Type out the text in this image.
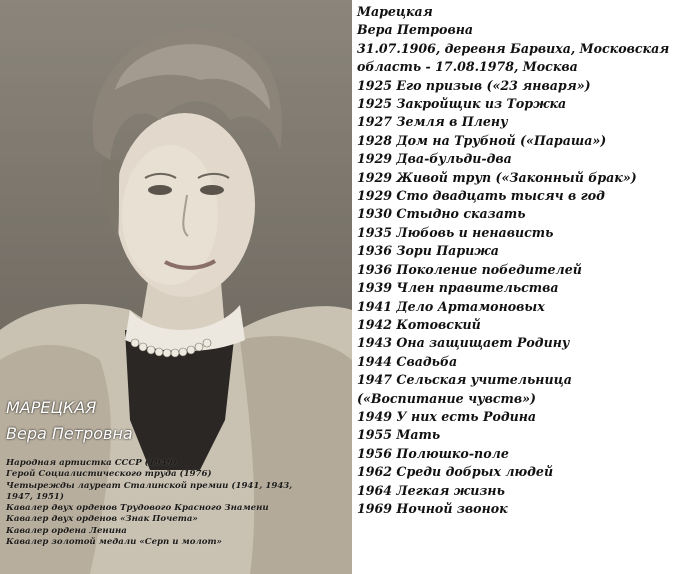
МАРЕЦКАЯ
Вера Петровна
Народная артистка СССР (1949)
Герой Социалистического труда (1976)
Четырежды лауреат Сталинской премии (1941, 1943,
1947, 1951)
Кавалер двух орденов Трудового Красного Знамени
Кавалер двух орденов «Знак Почета»
Кавалер ордена Ленина
Кавалер золотой медали «Серп и молот»
Марецкая
Вера Петровна
31.07.1906, деревня Барвиха, Московская область - 17.08.1978, Москва
1925 Его призыв («23 января»)
1925 Закройщик из Торжка
1927 Земля в Плену
1928 Дом на Трубной («Параша»)
1929 Два-бульди-два
1929 Живой труп («Законный брак»)
1929 Сто двадцать тысяч в год
1930 Стыдно сказать
1935 Любовь и ненависть
1936 Зори Парижа
1936 Поколение победителей
1939 Член правительства
1941 Дело Артамоновых
1942 Котовский
1943 Она защищает Родину
1944 Свадьба
1947 Сельская учительница
(«Воспитание чувств»)
1949 У них есть Родина
1955 Мать
1956 Полюшко-поле
1962 Среди добрых людей
1964 Легкая жизнь
1969 Ночной звонок
